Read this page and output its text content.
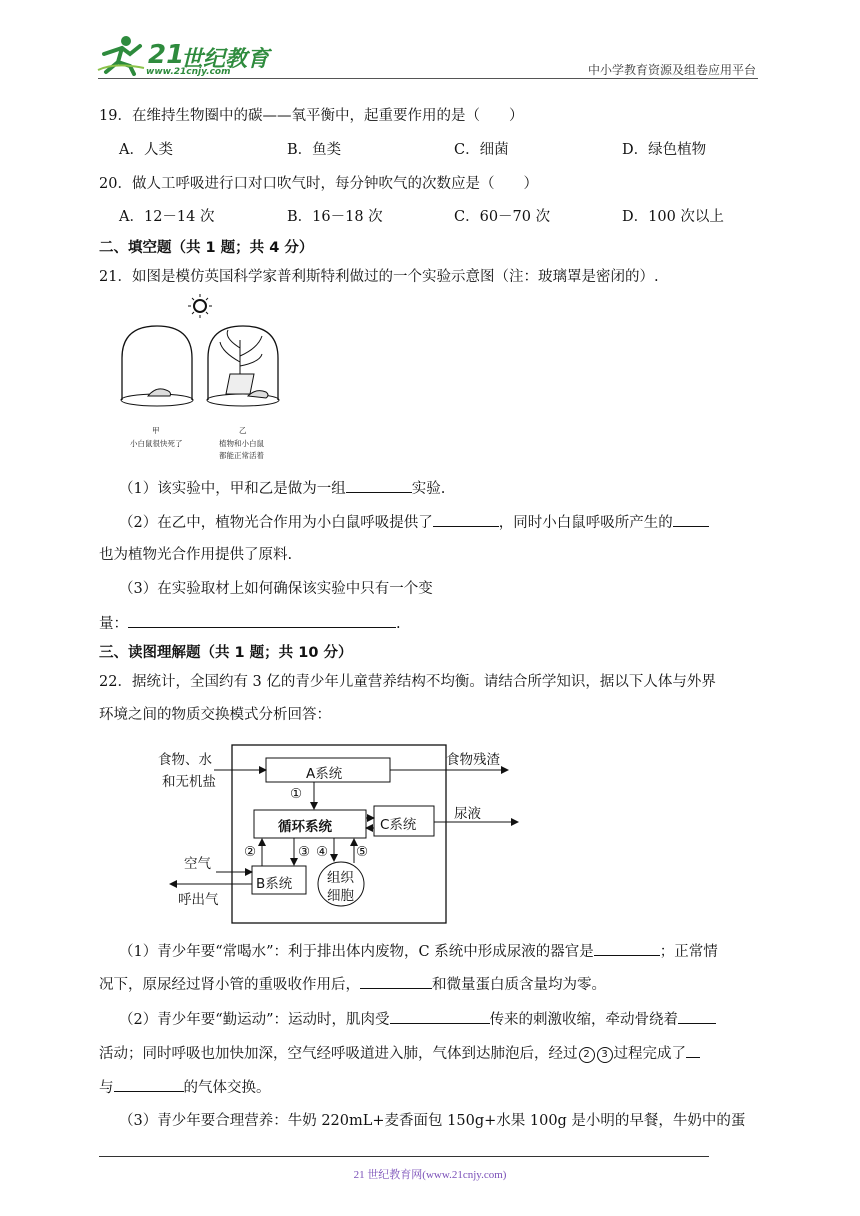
21
世纪教育
www.21cnjy.com	中小学教育资源及组卷应用平台
19．在维持生物圈中的碳——氧平衡中，起重要作用的是（　　）
A．人类	B．鱼类	C．细菌	D．绿色植物
20．做人工呼吸进行口对口吹气时，每分钟吹气的次数应是（　　）
A．12－14 次	B．16－18 次	C．60－70 次	D．100 次以上
二、填空题（共 1 题；共 4 分）
21．如图是模仿英国科学家普利斯特利做过的一个实验示意图（注：玻璃罩是密闭的）.
甲
小白鼠很快死了
乙
植物和小白鼠
都能正常活着
（1）该实验中，甲和乙是做为一组	实验.
（2）在乙中，植物光合作用为小白鼠呼吸提供了	，同时小白鼠呼吸所产生的
也为植物光合作用提供了原料.
（3）在实验取材上如何确保该实验中只有一个变
量：	.
三、读图理解题（共 1 题；共 10 分）
22．据统计，全国约有 3 亿的青少年儿童营养结构不均衡。请结合所学知识，据以下人体与外界
环境之间的物质交换模式分析回答：
食物、水
和无机盐
食物残渣
A系统
①
循环系统	C系统
尿液
②	③ ④ ⑤
空气
呼出气
B系统	组织
细胞
（1）青少年要“常喝水”：利于排出体内废物，C 系统中形成尿液的器官是	；正常情
况下，原尿经过肾小管的重吸收作用后，	和微量蛋白质含量均为零。
（2）青少年要“勤运动”：运动时，肌肉受	传来的刺激收缩，牵动骨绕着
活动；同时呼吸也加快加深，空气经呼吸道进入肺，气体到达肺泡后，经过 2 3 过程完成了
与	的气体交换。
（3）青少年要合理营养：牛奶 220mL+麦香面包 150g+水果 100g 是小明的早餐，牛奶中的蛋
21 世纪教育网(www.21cnjy.com)
